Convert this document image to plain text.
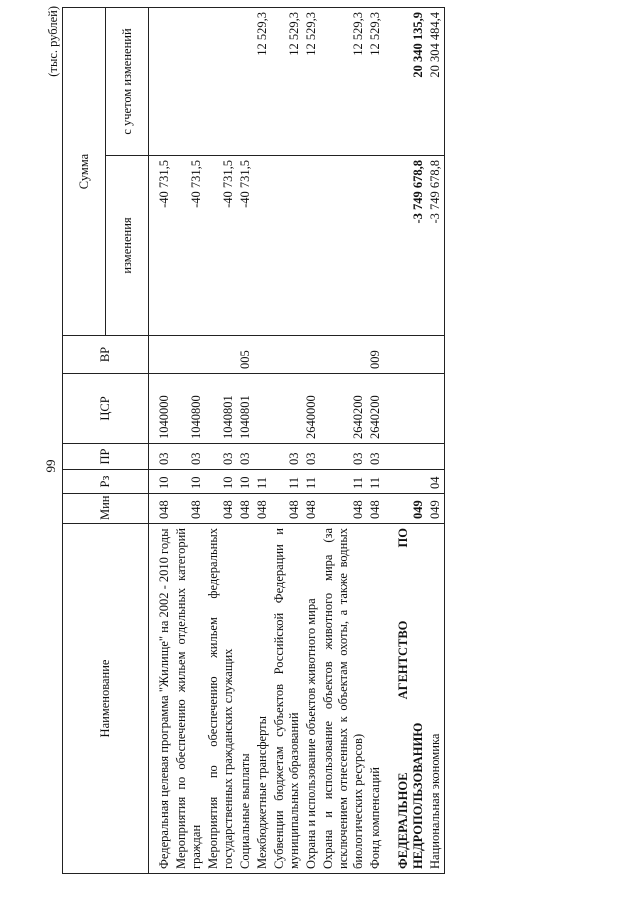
99
(тыс. рублей)
Наименование	Мин	Рз	ПР	ЦСР	ВР	Сумма	
						изменения	с учетом изменений
Федеральная целевая программа "Жилище" на 2002 - 2010 годы	048	10	03	1040000		-40 731,5	
Мероприятия по обеспечению жильем отдельных категорий граждан	048	10	03	1040800		-40 731,5	
Мероприятия по обеспечению жильем федеральных государственных гражданских служащих	048	10	03	1040801		-40 731,5	
Социальные выплаты	048	10	03	1040801	005	-40 731,5	
Межбюджетные трансферты	048	11					12 529,3
Субвенции бюджетам субъектов Российской Федерации и муниципальных образований	048	11	03				12 529,3
Охрана и использование объектов животного мира	048	11	03	2640000			12 529,3
Охрана и использование объектов животного мира (за исключением отнесенных к объектам охоты, а также водных биологических ресурсов)	048	11	03	2640200			12 529,3
Фонд компенсаций	048	11	03	2640200	009		12 529,3
ФЕДЕРАЛЬНОЕ АГЕНТСТВО ПО НЕДРОПОЛЬЗОВАНИЮ	049					-3 749 678,8	20 340 135,9
Национальная экономика	049	04				-3 749 678,8	20 304 484,4
